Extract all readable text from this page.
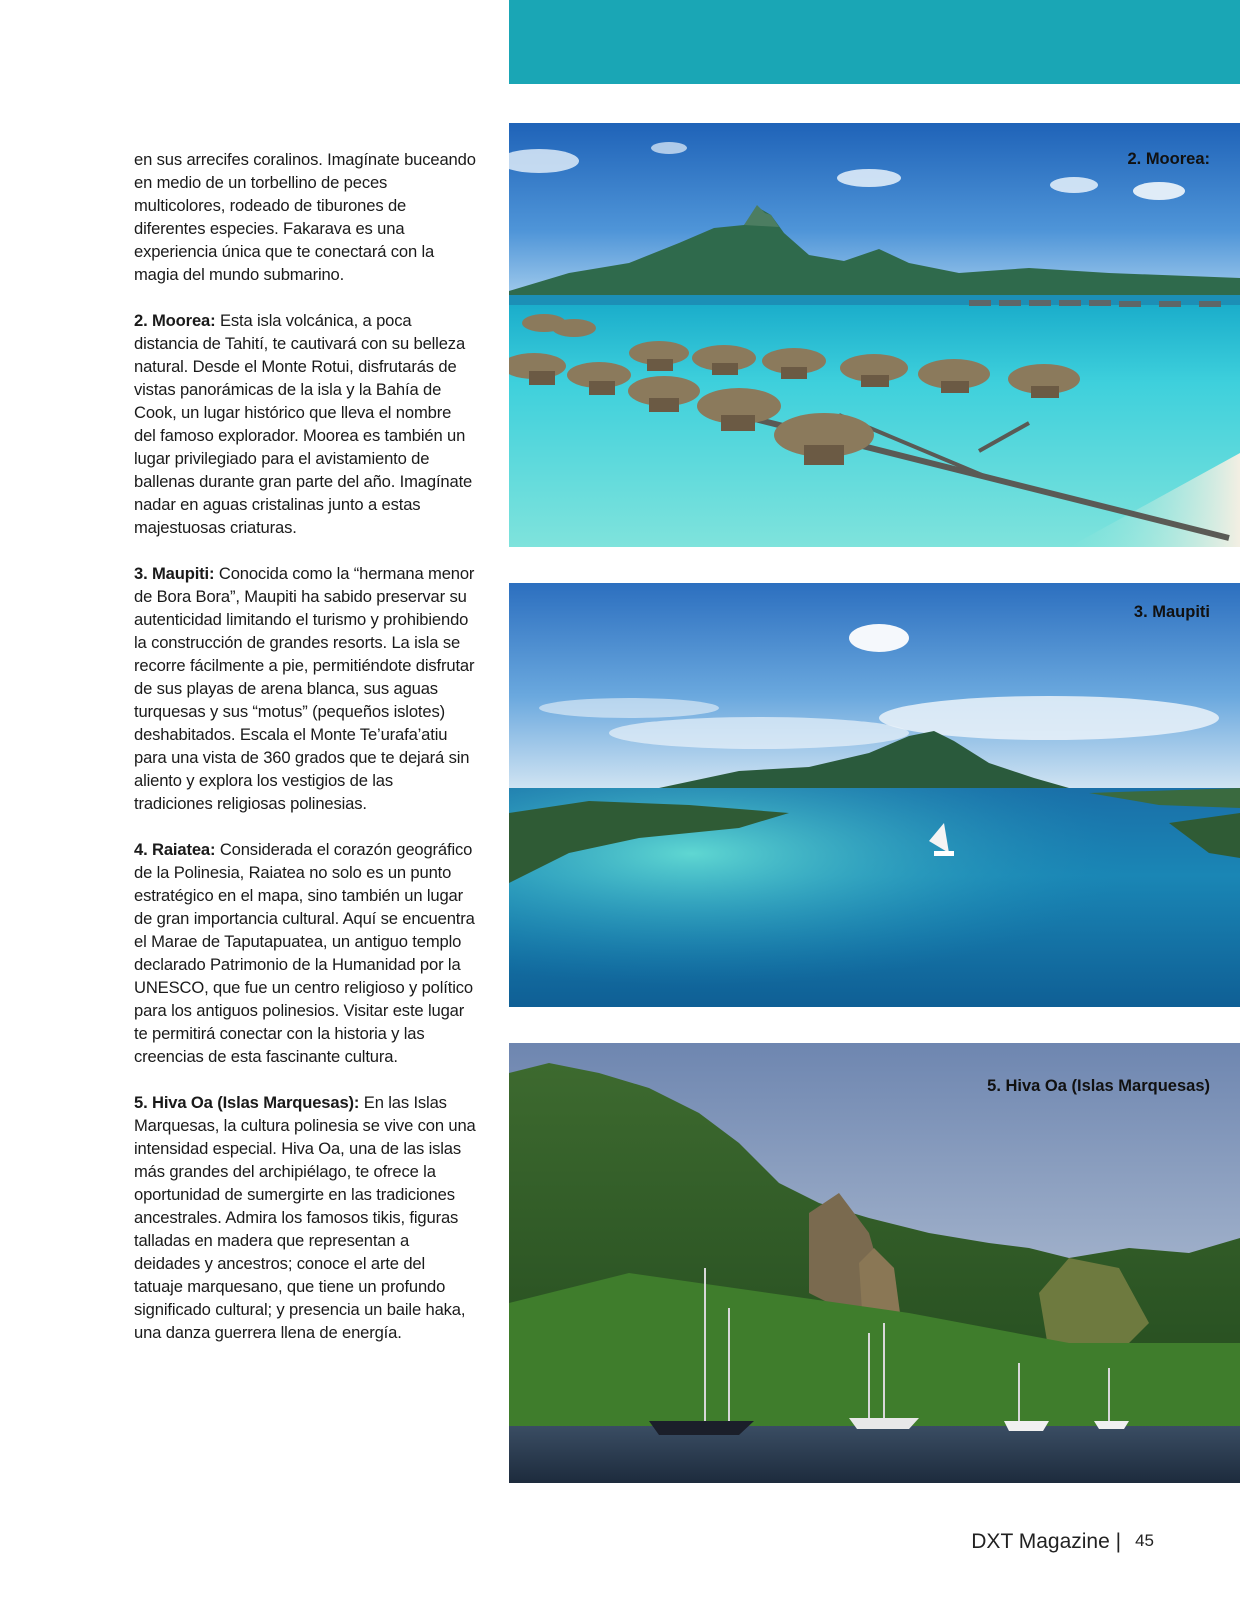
en sus arrecifes coralinos. Imagínate buceando en medio de un torbellino de peces multicolores, rodeado de tiburones de diferentes especies. Fakarava es una experiencia única que te conectará con la magia del mundo submarino.

2. Moorea: Esta isla volcánica, a poca distancia de Tahití, te cautivará con su belleza natural. Desde el Monte Rotui, disfrutarás de vistas panorámicas de la isla y la Bahía de Cook, un lugar histórico que lleva el nombre del famoso explorador. Moorea es también un lugar privilegiado para el avistamiento de ballenas durante gran parte del año. Imagínate nadar en aguas cristalinas junto a estas majestuosas criaturas.

3. Maupiti: Conocida como la “hermana menor de Bora Bora”, Maupiti ha sabido preservar su autenticidad limitando el turismo y prohibiendo la construcción de grandes resorts. La isla se recorre fácilmente a pie, permitiéndote disfrutar de sus playas de arena blanca, sus aguas turquesas y sus “motus” (pequeños islotes) deshabitados. Escala el Monte Te’urafa’atiu para una vista de 360 grados que te dejará sin aliento y explora los vestigios de las tradiciones religiosas polinesias.

4. Raiatea: Considerada el corazón geográfico de la Polinesia, Raiatea no solo es un punto estratégico en el mapa, sino también un lugar de gran importancia cultural. Aquí se encuentra el Marae de Taputapuatea, un antiguo templo declarado Patrimonio de la Humanidad por la UNESCO, que fue un centro religioso y político para los antiguos polinesios. Visitar este lugar te permitirá conectar con la historia y las creencias de esta fascinante cultura.

5. Hiva Oa (Islas Marquesas): En las Islas Marquesas, la cultura polinesia se vive con una intensidad especial. Hiva Oa, una de las islas más grandes del archipiélago, te ofrece la oportunidad de sumergirte en las tradiciones ancestrales. Admira los famosos tikis, figuras talladas en madera que representan a deidades y ancestros; conoce el arte del tatuaje marquesano, que tiene un profundo significado cultural; y presencia un baile haka, una danza guerrera llena de energía.

2. Moorea:
3. Maupiti
5. Hiva Oa (Islas Marquesas)
DXT Magazine | 45
